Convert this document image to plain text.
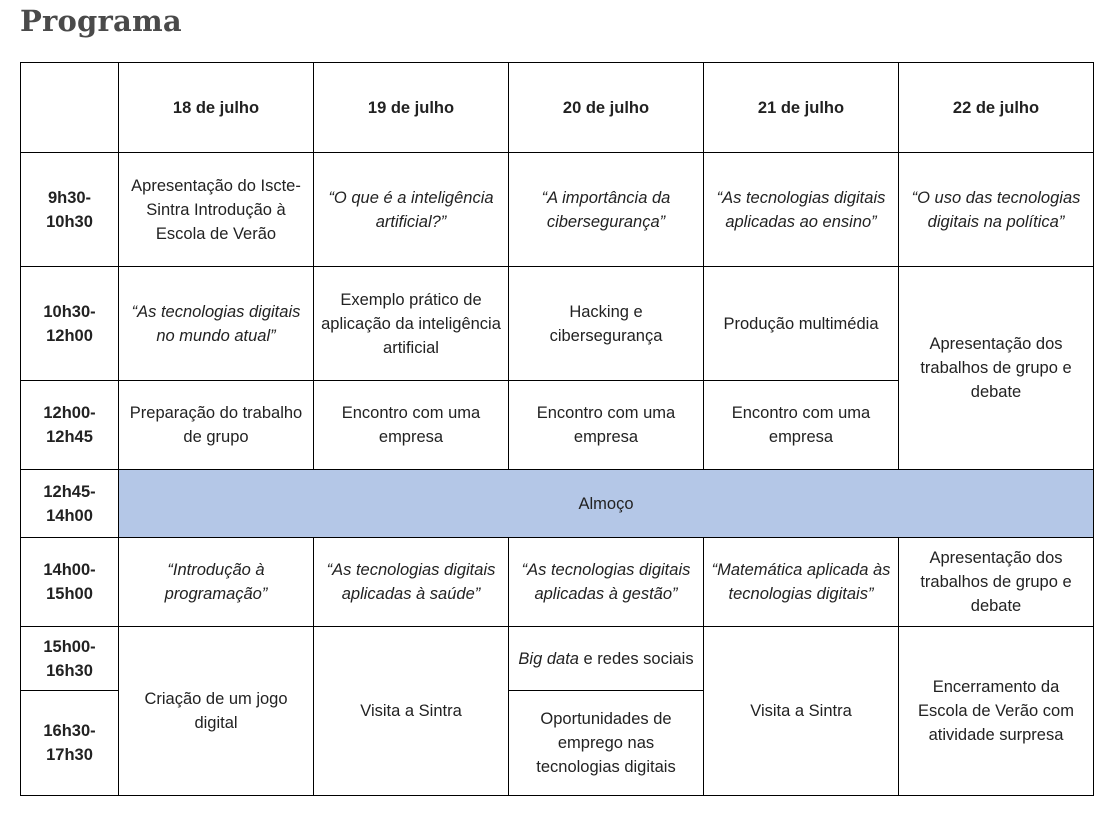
Programa
	18 de julho	19 de julho	20 de julho	21 de julho	22 de julho
9h30- 10h30	Apresentação do Iscte-Sintra Introdução à Escola de Verão	“O que é a inteligência artificial?”	“A importância da cibersegurança”	“As tecnologias digitais aplicadas ao ensino”	“O uso das tecnologias digitais na política”
10h30- 12h00	“As tecnologias digitais no mundo atual”	Exemplo prático de aplicação da inteligência artificial	Hacking e cibersegurança	Produção multimédia	Apresentação dos trabalhos de grupo e debate
12h00- 12h45	Preparação do trabalho de grupo	Encontro com uma empresa	Encontro com uma empresa	Encontro com uma empresa	
12h45- 14h00	Almoço				
14h00- 15h00	“Introdução à programação”	“As tecnologias digitais aplicadas à saúde”	“As tecnologias digitais aplicadas à gestão”	“Matemática aplicada às tecnologias digitais”	Apresentação dos trabalhos de grupo e debate
15h00- 16h30	Criação de um jogo digital	Visita a Sintra	Big data e redes sociais	Visita a Sintra	Encerramento da Escola de Verão com atividade surpresa
16h30- 17h30			Oportunidades de emprego nas tecnologias digitais		
